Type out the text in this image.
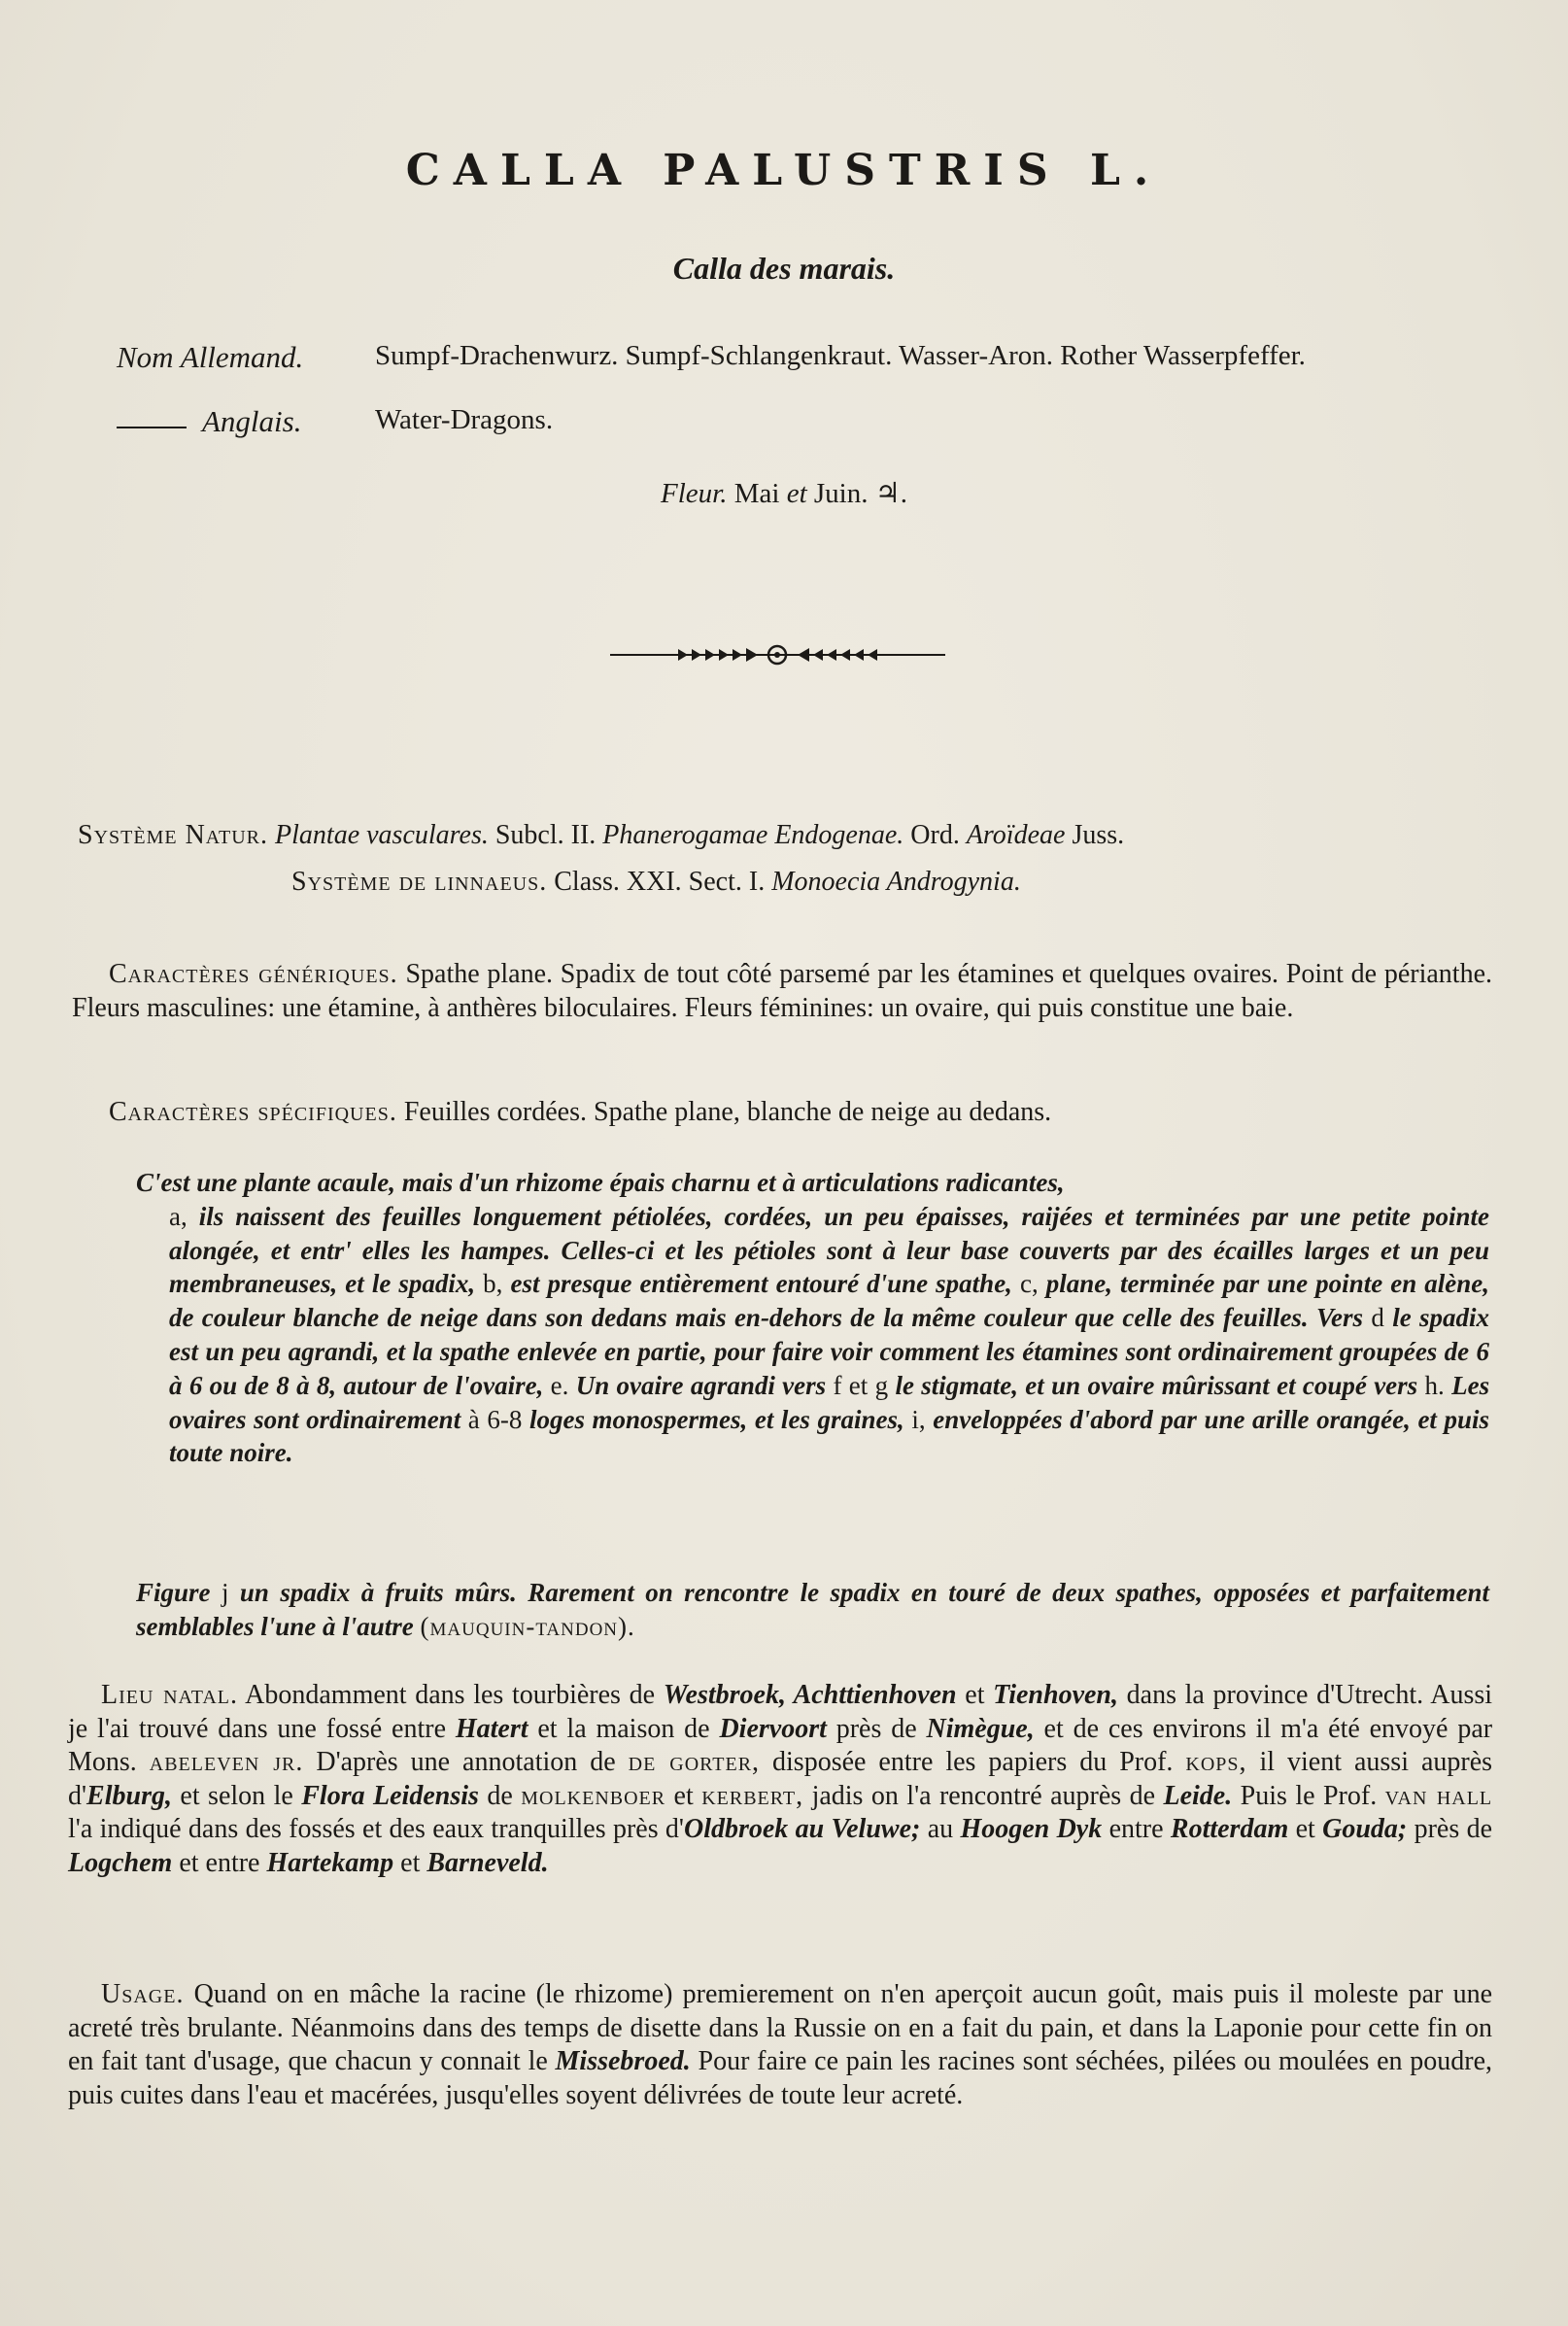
CALLA PALUSTRIS L.
Calla des marais.
Nom Allemand.	Sumpf-Drachenwurz. Sumpf-Schlangenkraut. Wasser-Aron. Rother Wasserpfeffer.
Anglais.	Water-Dragons.
Fleur. Mai et Juin. ♃.
Système Natur. Plantae vasculares. Subcl. II. Phanerogamae Endogenae. Ord. Aroïdeae Juss.
Système de linnaeus. Class. XXI. Sect. I. Monoecia Androgynia.

Caractères génériques. Spathe plane. Spadix de tout côté parsemé par les étamines et quelques ovaires. Point de périanthe. Fleurs masculines: une étamine, à anthères biloculaires. Fleurs féminines: un ovaire, qui puis constitue une baie.

Caractères spécifiques. Feuilles cordées. Spathe plane, blanche de neige au dedans.

C'est une plante acaule, mais d'un rhizome épais charnu et à articulations radicantes,
a, ils naissent des feuilles longuement pétiolées, cordées, un peu épaisses, raijées et terminées par une petite pointe alongée, et entr' elles les hampes. Celles-ci et les pétioles sont à leur base couverts par des écailles larges et un peu membraneuses, et le spadix, b, est presque entièrement entouré d'une spathe, c, plane, terminée par une pointe en alène, de couleur blanche de neige dans son dedans mais en-dehors de la même couleur que celle des feuilles. Vers d le spadix est un peu agrandi, et la spathe enlevée en partie, pour faire voir comment les étamines sont ordinairement groupées de 6 à 6 ou de 8 à 8, autour de l'ovaire, e. Un ovaire agrandi vers f et g le stigmate, et un ovaire mûrissant et coupé vers h. Les ovaires sont ordinairement à 6-8 loges monospermes, et les graines, i, enveloppées d'abord par une arille orangée, et puis toute noire.
Figure j un spadix à fruits mûrs. Rarement on rencontre le spadix en touré de deux spathes, opposées et parfaitement semblables l'une à l'autre (mauquin-tandon).

Lieu natal. Abondamment dans les tourbières de Westbroek, Achttienhoven et Tienhoven, dans la province d'Utrecht. Aussi je l'ai trouvé dans une fossé entre Hatert et la maison de Diervoort près de Nimègue, et de ces environs il m'a été envoyé par Mons. abeleven jr. D'après une annotation de de gorter, disposée entre les papiers du Prof. kops, il vient aussi auprès d'Elburg, et selon le Flora Leidensis de molkenboer et kerbert, jadis on l'a rencontré auprès de Leide. Puis le Prof. van hall l'a indiqué dans des fossés et des eaux tranquilles près d'Oldbroek au Veluwe; au Hoogen Dyk entre Rotterdam et Gouda; près de Logchem et entre Hartekamp et Barneveld.

Usage. Quand on en mâche la racine (le rhizome) premierement on n'en aperçoit aucun goût, mais puis il moleste par une acreté très brulante. Néanmoins dans des temps de disette dans la Russie on en a fait du pain, et dans la Laponie pour cette fin on en fait tant d'usage, que chacun y connait le Missebroed. Pour faire ce pain les racines sont séchées, pilées ou moulées en poudre, puis cuites dans l'eau et macérées, jusqu'elles soyent délivrées de toute leur acreté.
